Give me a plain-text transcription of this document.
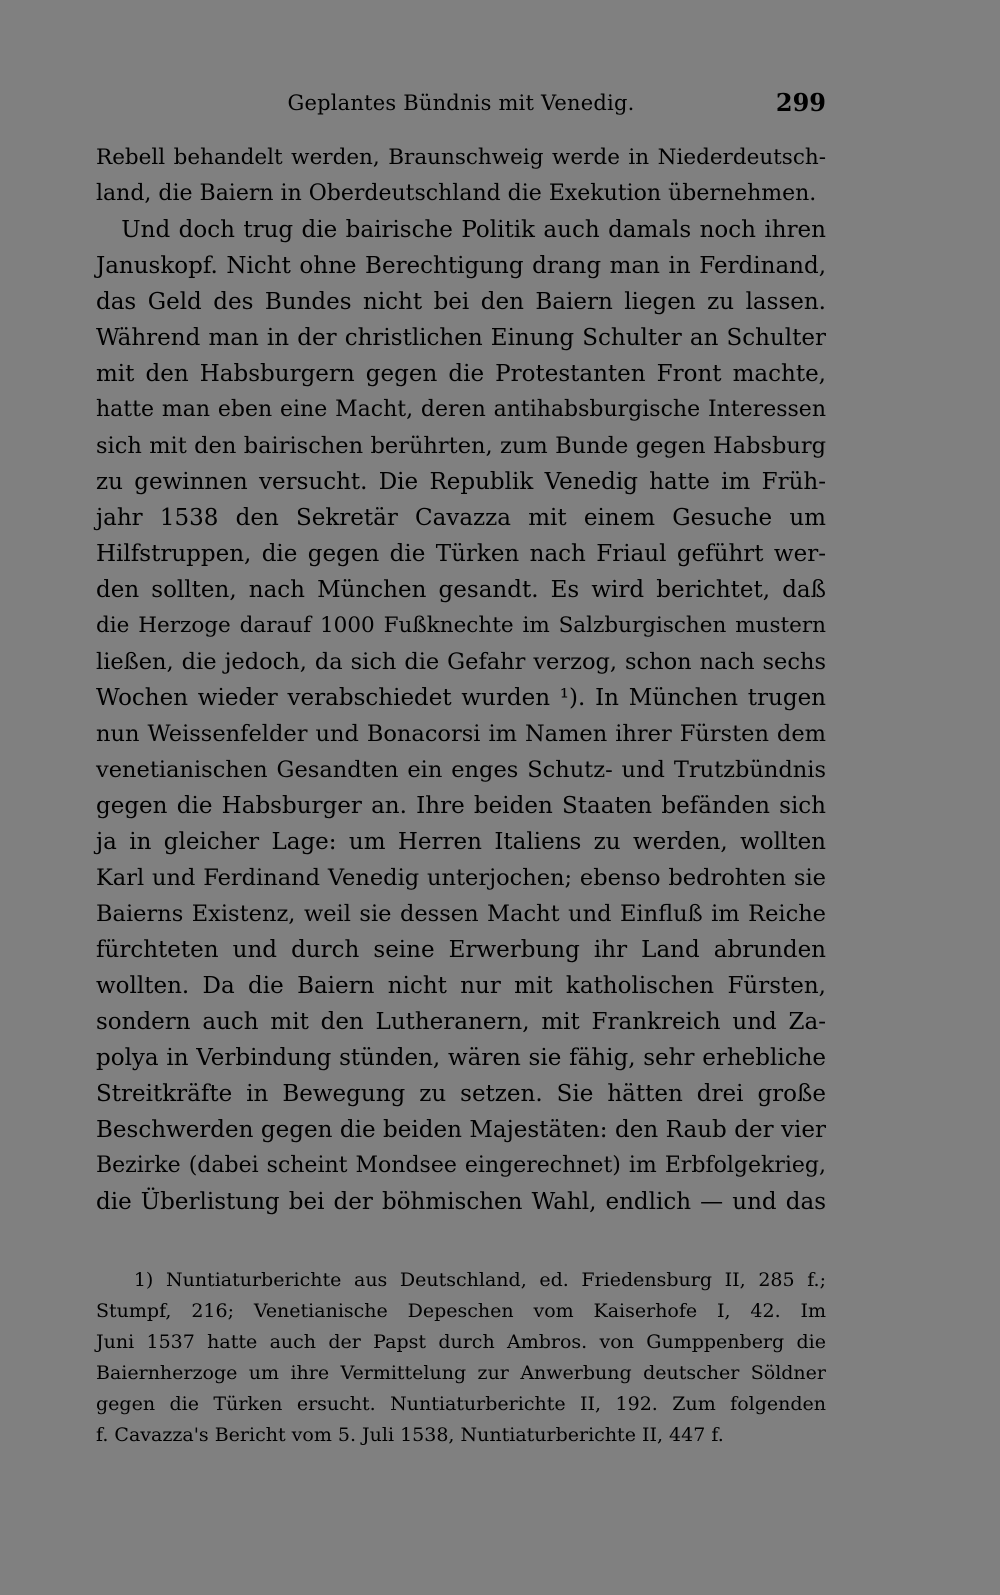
Geplantes Bündnis mit Venedig.	299
Rebell behandelt werden, Braunschweig werde in Niederdeutsch-
land, die Baiern in Oberdeutschland die Exekution übernehmen.
Und doch trug die bairische Politik auch damals noch ihren
Januskopf. Nicht ohne Berechtigung drang man in Ferdinand,
das Geld des Bundes nicht bei den Baiern liegen zu lassen.
Während man in der christlichen Einung Schulter an Schulter
mit den Habsburgern gegen die Protestanten Front machte,
hatte man eben eine Macht, deren antihabsburgische Interessen
sich mit den bairischen berührten, zum Bunde gegen Habsburg
zu gewinnen versucht. Die Republik Venedig hatte im Früh-
jahr 1538 den Sekretär Cavazza mit einem Gesuche um
Hilfstruppen, die gegen die Türken nach Friaul geführt wer-
den sollten, nach München gesandt. Es wird berichtet, daß
die Herzoge darauf 1000 Fußknechte im Salzburgischen mustern
ließen, die jedoch, da sich die Gefahr verzog, schon nach sechs
Wochen wieder verabschiedet wurden ¹). In München trugen
nun Weissenfelder und Bonacorsi im Namen ihrer Fürsten dem
venetianischen Gesandten ein enges Schutz- und Trutzbündnis
gegen die Habsburger an. Ihre beiden Staaten befänden sich
ja in gleicher Lage: um Herren Italiens zu werden, wollten
Karl und Ferdinand Venedig unterjochen; ebenso bedrohten sie
Baierns Existenz, weil sie dessen Macht und Einfluß im Reiche
fürchteten und durch seine Erwerbung ihr Land abrunden
wollten. Da die Baiern nicht nur mit katholischen Fürsten,
sondern auch mit den Lutheranern, mit Frankreich und Za-
polya in Verbindung stünden, wären sie fähig, sehr erhebliche
Streitkräfte in Bewegung zu setzen. Sie hätten drei große
Beschwerden gegen die beiden Majestäten: den Raub der vier
Bezirke (dabei scheint Mondsee eingerechnet) im Erbfolgekrieg,
die Überlistung bei der böhmischen Wahl, endlich — und das
1) Nuntiaturberichte aus Deutschland, ed. Friedensburg II, 285 f.;
Stumpf, 216; Venetianische Depeschen vom Kaiserhofe I, 42. Im
Juni 1537 hatte auch der Papst durch Ambros. von Gumppenberg die
Baiernherzoge um ihre Vermittelung zur Anwerbung deutscher Söldner
gegen die Türken ersucht. Nuntiaturberichte II, 192. Zum folgenden
f. Cavazza's Bericht vom 5. Juli 1538, Nuntiaturberichte II, 447 f.
